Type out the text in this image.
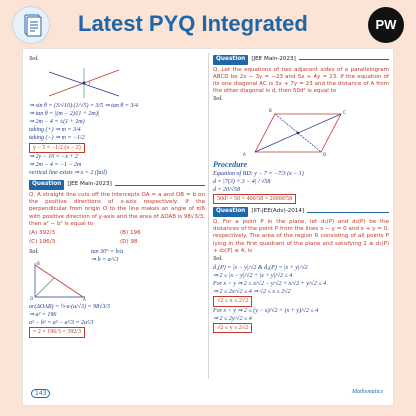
Latest PYQ Integrated	PW
Sol.
⇒ sin θ = (3/√10)·(1/√5) = 3/5 ⇒ tan θ = 3/4
⇒ tan θ = |(m − 2)/(1 + 2m)|
⇒ 2m − 4 = ±(1 + 2m)
taking (+) ⇒ m = 3/4
taking (−) ⇒ m = −1/2
y − 5 = −1/2 (x − 2)
⇒ 2y − 10 = −x + 2
⇒ 2m − 4 = −1 − 2m
vertical line exists ⇒ x = 2 (fail)
Question	[JEE Main-2023]
Q. A straight line cuts off the intercepts OA = a and OB = b on the positive directions of x-axis respectively. If the perpendicular from origin O to the line makes an angle of π/6 with positive direction of y-axis and the area of ΔOAB is 98√3/3, then a² − b² is equal to
(A) 392/3	(B) 196
(C) 196/3	(D) 98
Sol.
O	A
B
tan 30° = b/a
⇒ b = a/√3
ar(ΔOAB) = ½·a·(a/√3) = 98√3/3
⇒ a² = 196
a² − b² = a² − a²/3 = 2a²/3
= 2 × 196/3 = 392/3
Question	[JEE Main-2023]
Q. Let the equations of two adjacent sides of a parallelogram ABCD be 2x − 3y = −23 and 5x + 4y = 23. If the equation of its one diagonal AC is 3x + 7y = 23 and the distance of A from the other diagonal is d, then 50d² is equal to
Sol.
A
B	C
D
Procedure
Equation of BD: y − 7 = −7/3 (x − 1)
d = |7(3) + 3 − 4| / √58
d = 20/√58
50d² = 50 × 400/58 = 20000/58
Question	[IIT-JEE(Adv)-2014]
Q. For a point P in the plane, let d₁(P) and d₂(P) be the distances of the point P from the lines x − y = 0 and x + y = 0, respectively. The area of the region R consisting of all points P lying in the first quadrant of the plane and satisfying 2 ≤ d₁(P) + d₂(P) ≤ 4, is
Sol.
d₁(P) = |x − y|/√2 & d₂(P) = |x + y|/√2
⇒ 2 ≤ |x − y|/√2 + |x + y|/√2 ≤ 4
For x > y ⇒ 2 ≤ x/√2 − y/√2 + x/√2 + y/√2 ≤ 4
⇒ 2 ≤ 2x/√2 ≤ 4 ⇒ √2 ≤ x ≤ 2√2
√2 ≤ x ≤ 2√2
For x < y ⇒ 2 ≤ (y − x)/√2 + (x + y)/√2 ≤ 4
⇒ 2 ≤ 2y/√2 ≤ 4
√2 ≤ y ≤ 2√2
143	Mathematics
